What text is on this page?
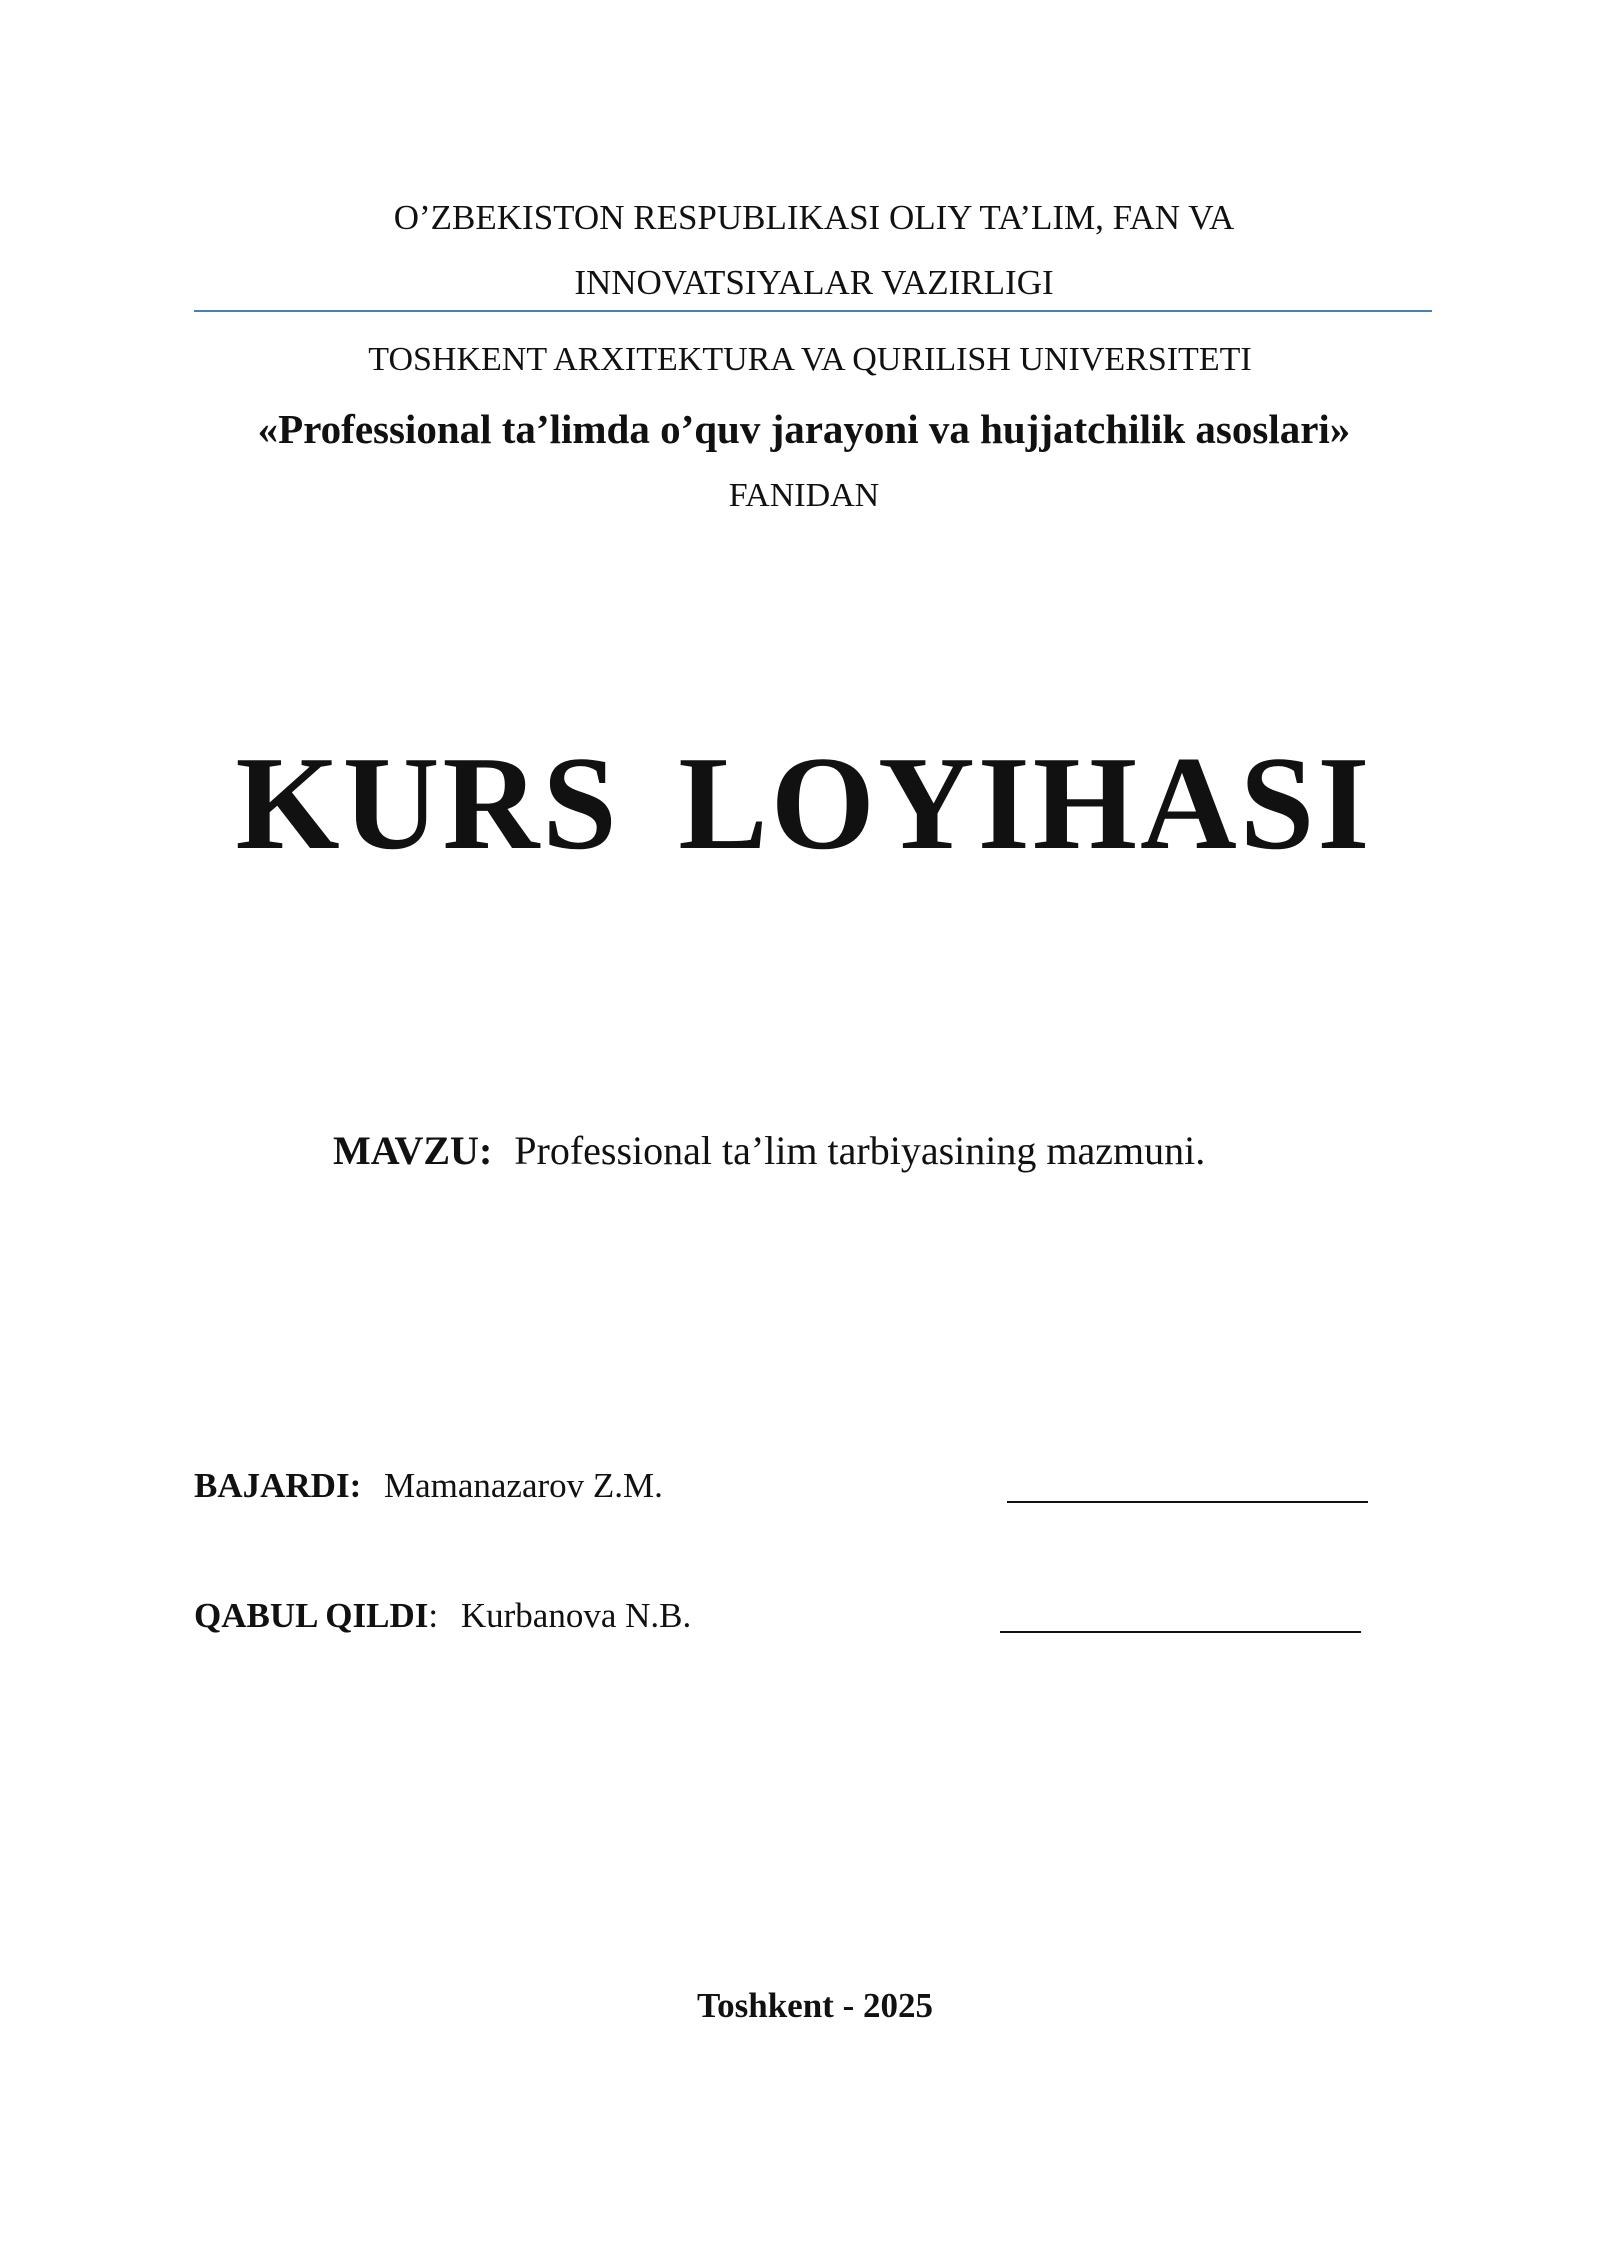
O’ZBEKISTON RESPUBLIKASI OLIY TA’LIM, FAN VA
INNOVATSIYALAR VAZIRLIGI
TOSHKENT ARXITEKTURA VA QURILISH UNIVERSITETI
«Professional ta’limda o’quv jarayoni va hujjatchilik asoslari»
FANIDAN
KURS LOYIHASI
MAVZU: Professional ta’lim tarbiyasining mazmuni.
BAJARDI: Mamanazarov Z.M.
QABUL QILDI: Kurbanova N.B.
Toshkent - 2025
